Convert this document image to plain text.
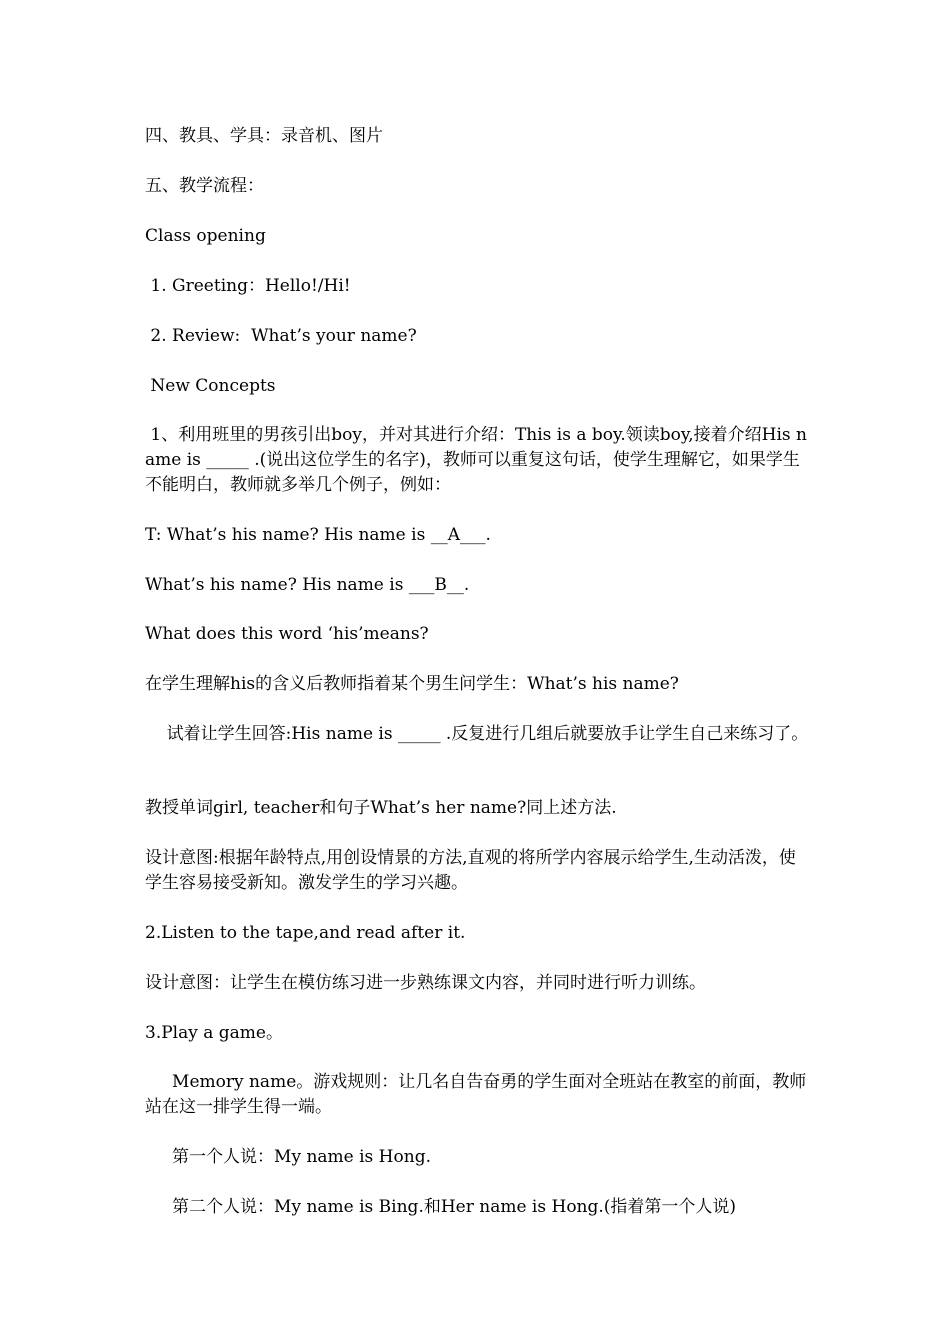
四、教具、学具：录音机、图片

五、教学流程：

Class opening

1. Greeting：Hello!/Hi!

2. Review:  What’s your name?

New Concepts

1、利用班里的男孩引出boy，并对其进行介绍：This is a boy.领读boy,接着介绍His name is _____ .(说出这位学生的名字)，教师可以重复这句话，使学生理解它，如果学生不能明白，教师就多举几个例子，例如：

T: What’s his name? His name is __A___.

What’s his name? His name is ___B__.

What does this word ‘his’means?

在学生理解his的含义后教师指着某个男生问学生：What’s his name?

试着让学生回答:His name is _____ .反复进行几组后就要放手让学生自己来练习了。

教授单词girl, teacher和句子What’s her name?同上述方法.

设计意图:根据年龄特点,用创设情景的方法,直观的将所学内容展示给学生,生动活泼，使学生容易接受新知。激发学生的学习兴趣。

2.Listen to the tape,and read after it.

设计意图：让学生在模仿练习进一步熟练课文内容，并同时进行听力训练。

3.Play a game。

Memory name。游戏规则：让几名自告奋勇的学生面对全班站在教室的前面，教师站在这一排学生得一端。

第一个人说：My name is Hong.

第二个人说：My name is Bing.和Her name is Hong.(指着第一个人说)
